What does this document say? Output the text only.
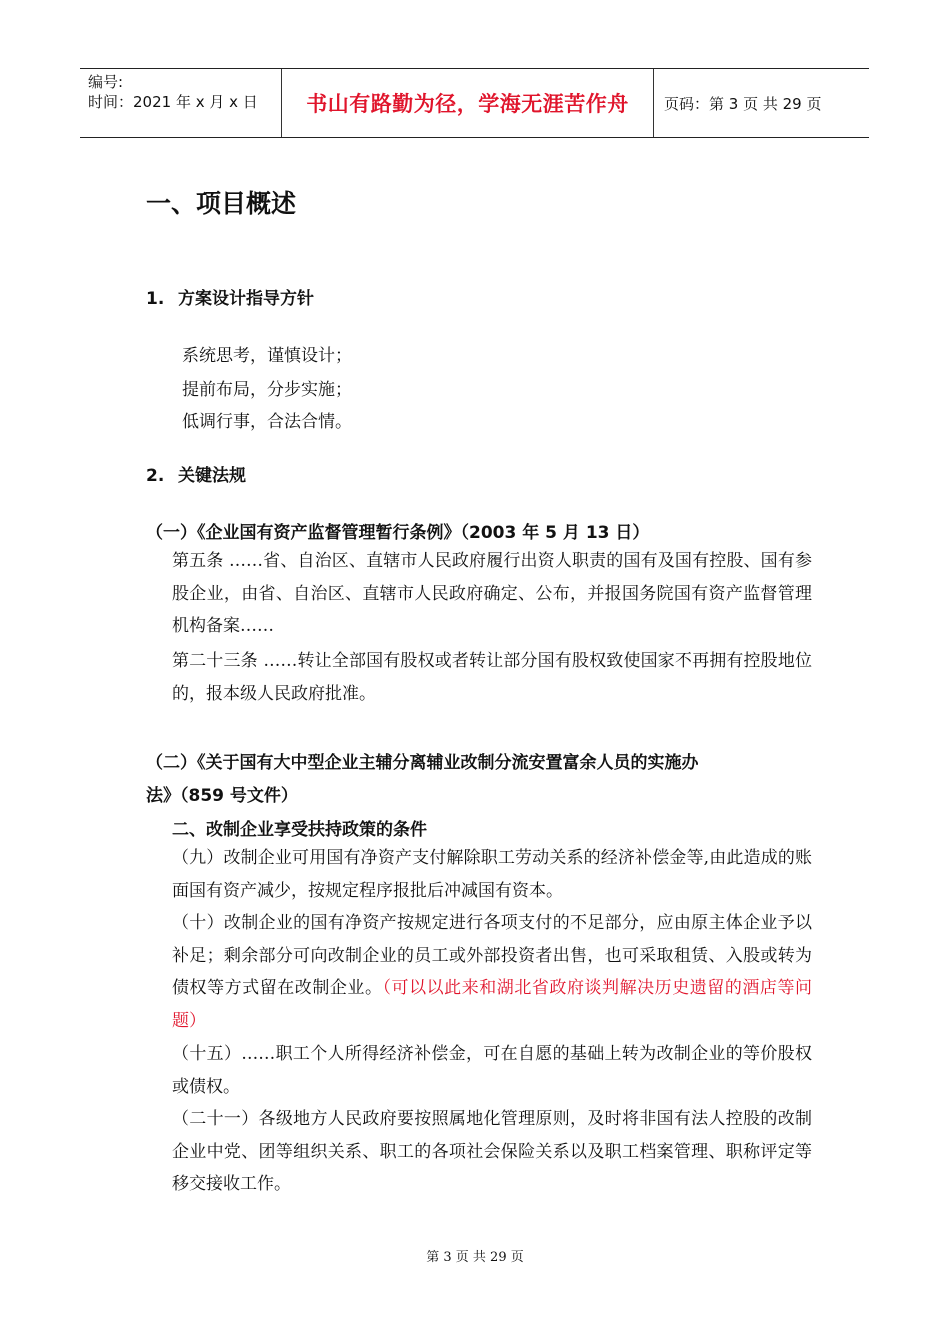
编号:
时间：2021 年 x 月 x 日	书山有路勤为径，学海无涯苦作舟	页码：第 3 页 共 29 页
一、项目概述
1. 方案设计指导方针
系统思考，谨慎设计；
提前布局，分步实施；
低调行事，合法合情。
2. 关键法规
（一）《企业国有资产监督管理暂行条例》（2003 年 5 月 13 日）
第五条 ……省、自治区、直辖市人民政府履行出资人职责的国有及国有控股、国有参股企业，由省、自治区、直辖市人民政府确定、公布，并报国务院国有资产监督管理机构备案……
第二十三条 ……转让全部国有股权或者转让部分国有股权致使国家不再拥有控股地位的，报本级人民政府批准。
（二）《关于国有大中型企业主辅分离辅业改制分流安置富余人员的实施办
法》（859 号文件）
二、改制企业享受扶持政策的条件
（九）改制企业可用国有净资产支付解除职工劳动关系的经济补偿金等,由此造成的账面国有资产减少，按规定程序报批后冲减国有资本。
（十）改制企业的国有净资产按规定进行各项支付的不足部分，应由原主体企业予以补足；剩余部分可向改制企业的员工或外部投资者出售，也可采取租赁、入股或转为债权等方式留在改制企业。（可以以此来和湖北省政府谈判解决历史遗留的酒店等问题）
（十五）……职工个人所得经济补偿金，可在自愿的基础上转为改制企业的等价股权或债权。
（二十一）各级地方人民政府要按照属地化管理原则，及时将非国有法人控股的改制企业中党、团等组织关系、职工的各项社会保险关系以及职工档案管理、职称评定等移交接收工作。
第 3 页 共 29 页
